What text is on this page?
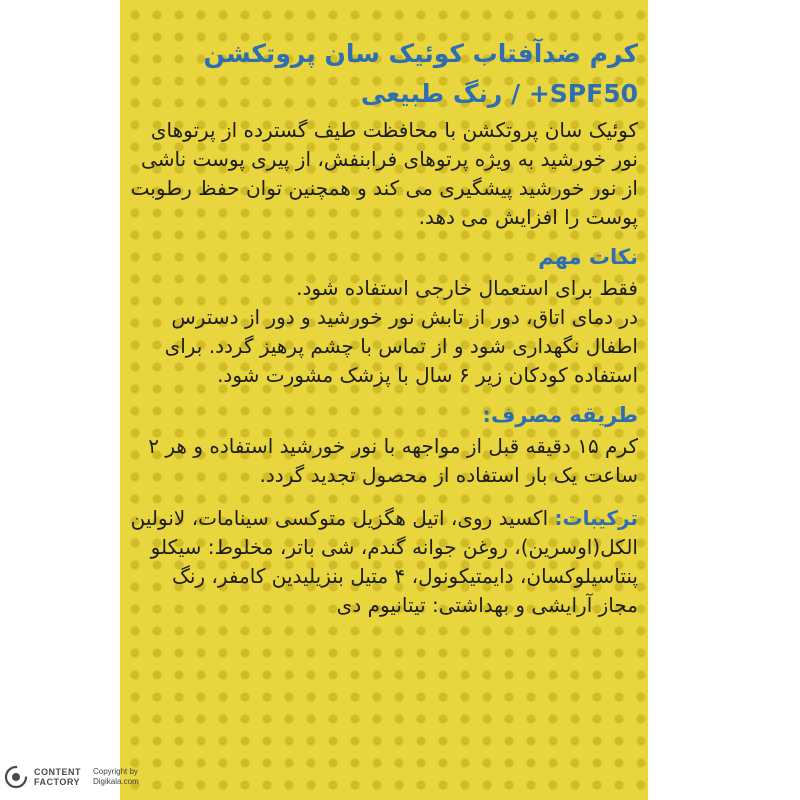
کرم ضدآفتاب کوئیک سان پروتکشن

SPF50+ / رنگ طبیعی

کوئیک سان پروتکشن با محافظت طیف گسترده از پرتوهای نور خورشید به ویژه پرتوهای فرابنفش، از پیری پوست ناشی از نور خورشید پیشگیری می کند و همچنین توان حفظ رطوبت پوست را افزایش می دهد.

نکات مهم

فقط برای استعمال خارجی استفاده شود.

در دمای اتاق، دور از تابش نور خورشید و دور از دسترس اطفال نگهداری شود و از تماس با چشم پرهیز گردد. برای استفاده کودکان زیر ۶ سال با پزشک مشورت شود.

طریقه مصرف:

کرم ۱۵ دقیقه قبل از مواجهه با نور خورشید استفاده و هر ۲ ساعت یک بار استفاده از محصول تجدید گردد.

ترکیبات: اکسید روی، اتیل هگزیل متوکسی سینامات، لانولین الکل(اوسرین)، روغن جوانه گندم، شی باتر، مخلوط: سیکلو پنتاسیلوکسان، دایمتیکونول، ۴ متیل بنزیلیدین کامفر، رنگ مجاز آرایشی و بهداشتی: تیتانیوم دی

CONTENT
FACTORY
Copyright by
Digikala.com
